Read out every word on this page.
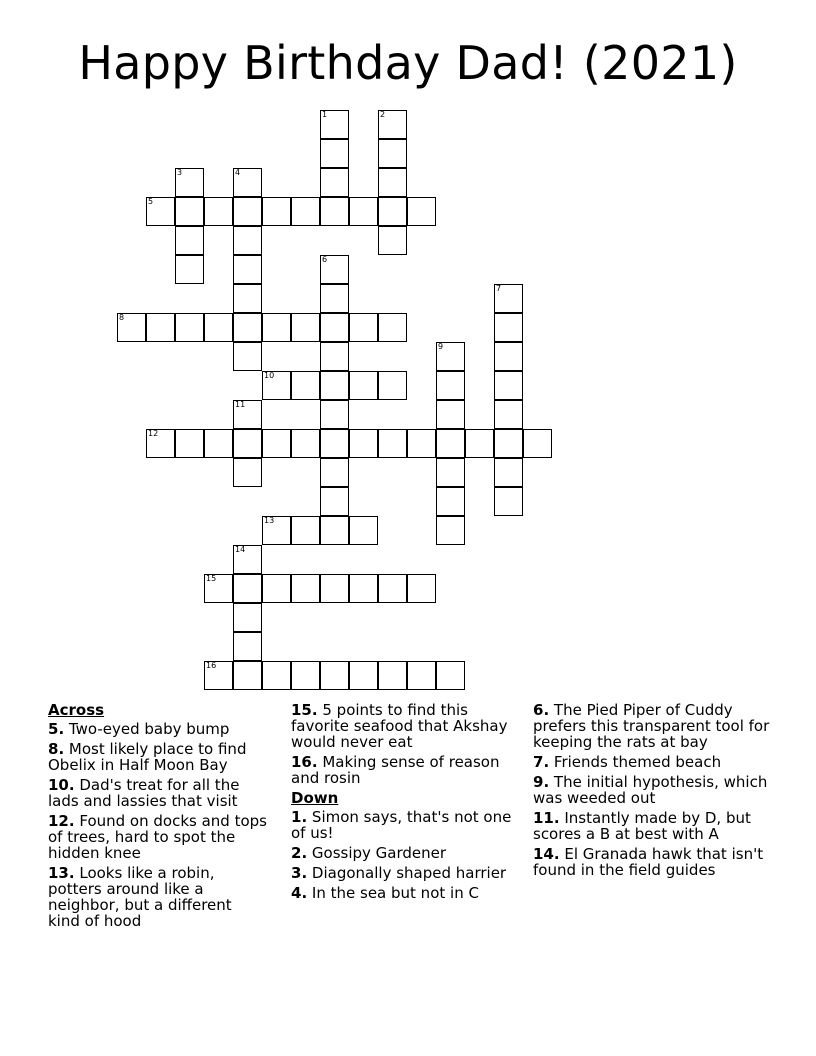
Happy Birthday Dad! (2021)
5
8
10
12
13
15
16
1	2
3	4
6
7
9
11
14
Across
5. Two-eyed baby bump
8. Most likely place to find Obelix in Half Moon Bay
10. Dad's treat for all the lads and lassies that visit
12. Found on docks and tops of trees, hard to spot the hidden knee
13. Looks like a robin, potters around like a neighbor, but a different kind of hood
15. 5 points to find this favorite seafood that Akshay would never eat
16. Making sense of reason and rosin
Down
1. Simon says, that's not one of us!
2. Gossipy Gardener
3. Diagonally shaped harrier
4. In the sea but not in C
6. The Pied Piper of Cuddy prefers this transparent tool for keeping the rats at bay
7. Friends themed beach
9. The initial hypothesis, which was weeded out
11. Instantly made by D, but scores a B at best with A
14. El Granada hawk that isn't found in the field guides
